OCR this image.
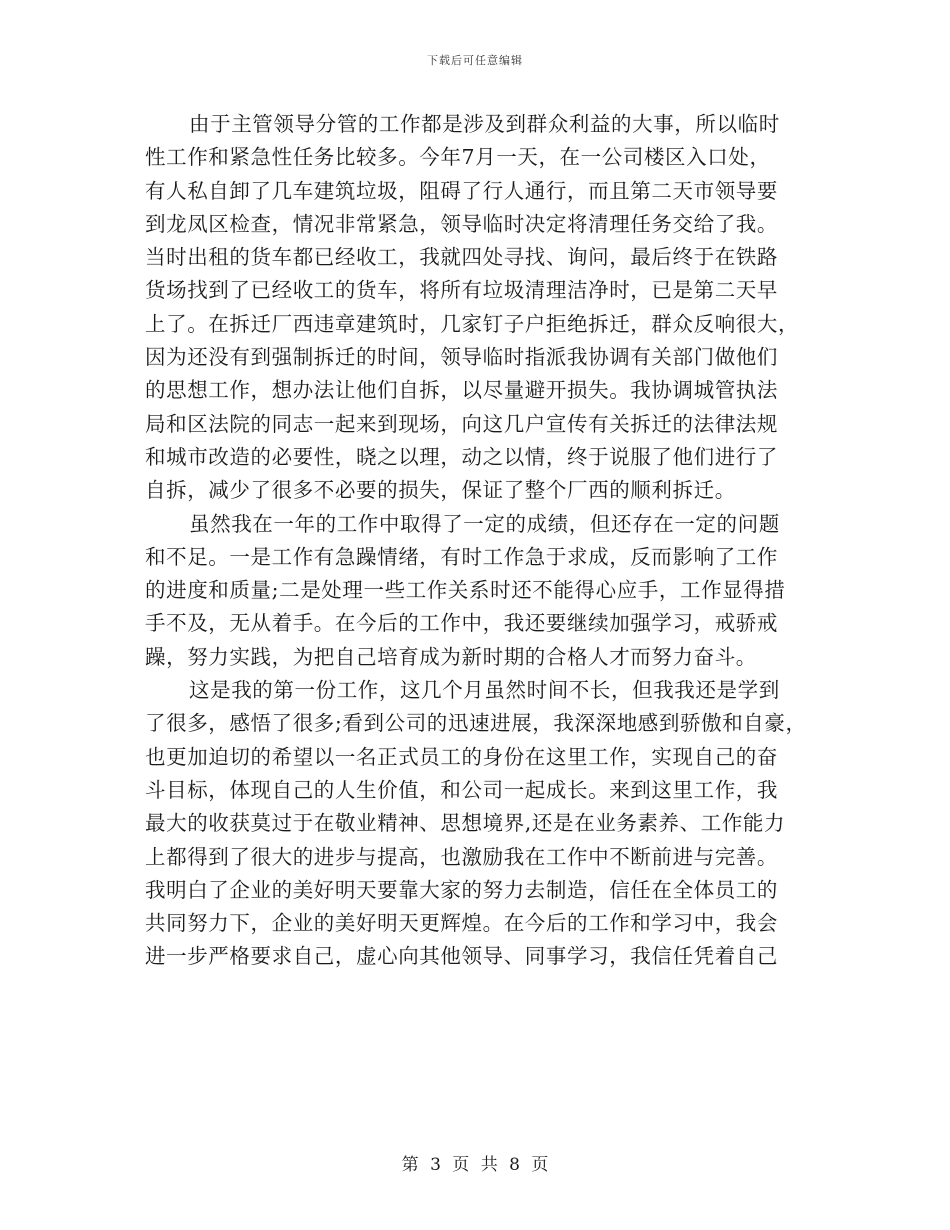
下载后可任意编辑
由于主管领导分管的工作都是涉及到群众利益的大事，所以临时
性工作和紧急性任务比较多。今年7月一天，在一公司楼区入口处，
有人私自卸了几车建筑垃圾，阻碍了行人通行，而且第二天市领导要
到龙凤区检查，情况非常紧急，领导临时决定将清理任务交给了我。
当时出租的货车都已经收工，我就四处寻找、询问，最后终于在铁路
货场找到了已经收工的货车，将所有垃圾清理洁净时，已是第二天早
上了。在拆迁厂西违章建筑时，几家钉子户拒绝拆迁，群众反响很大，
因为还没有到强制拆迁的时间，领导临时指派我协调有关部门做他们
的思想工作，想办法让他们自拆，以尽量避开损失。我协调城管执法
局和区法院的同志一起来到现场，向这几户宣传有关拆迁的法律法规
和城市改造的必要性，晓之以理，动之以情，终于说服了他们进行了
自拆，减少了很多不必要的损失，保证了整个厂西的顺利拆迁。
虽然我在一年的工作中取得了一定的成绩，但还存在一定的问题
和不足。一是工作有急躁情绪，有时工作急于求成，反而影响了工作
的进度和质量;二是处理一些工作关系时还不能得心应手，工作显得措
手不及，无从着手。在今后的工作中，我还要继续加强学习，戒骄戒
躁，努力实践，为把自己培育成为新时期的合格人才而努力奋斗。
这是我的第一份工作，这几个月虽然时间不长，但我我还是学到
了很多，感悟了很多;看到公司的迅速进展，我深深地感到骄傲和自豪，
也更加迫切的希望以一名正式员工的身份在这里工作，实现自己的奋
斗目标，体现自己的人生价值，和公司一起成长。来到这里工作，我
最大的收获莫过于在敬业精神、思想境界,还是在业务素养、工作能力
上都得到了很大的进步与提高，也激励我在工作中不断前进与完善。
我明白了企业的美好明天要靠大家的努力去制造，信任在全体员工的
共同努力下，企业的美好明天更辉煌。在今后的工作和学习中，我会
进一步严格要求自己，虚心向其他领导、同事学习，我信任凭着自己
第 3 页 共 8 页
